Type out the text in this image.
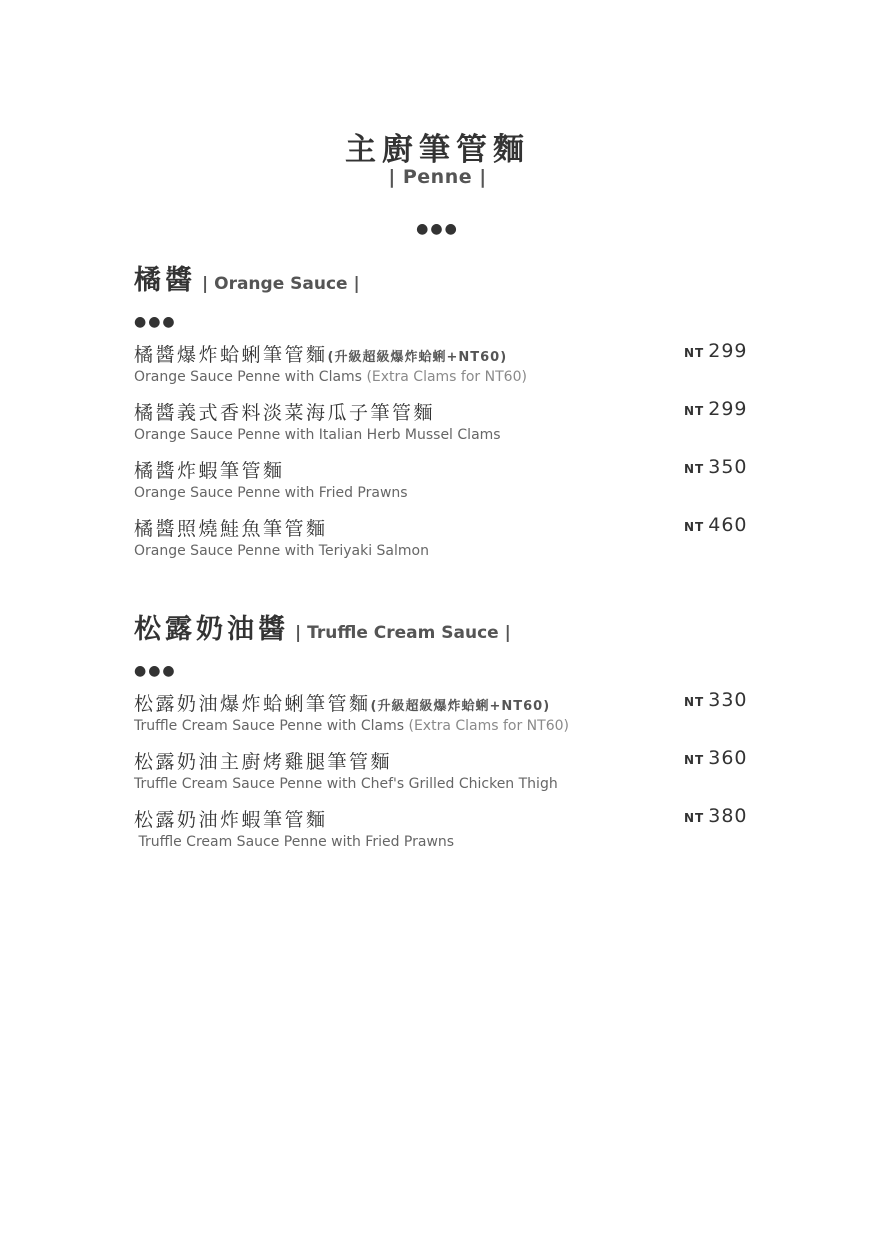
主廚筆管麵
| Penne |
●●●
橘醬 | Orange Sauce |
●●●
橘醬爆炸蛤蜊筆管麵(升級超級爆炸蛤蜊+NT60)
Orange Sauce Penne with Clams (Extra Clams for NT60)
NT 299
橘醬義式香料淡菜海瓜子筆管麵
Orange Sauce Penne with Italian Herb Mussel Clams
NT 299
橘醬炸蝦筆管麵
Orange Sauce Penne with Fried Prawns
NT 350
橘醬照燒鮭魚筆管麵
Orange Sauce Penne with Teriyaki Salmon
NT 460
松露奶油醬 | Truffle Cream Sauce |
●●●
松露奶油爆炸蛤蜊筆管麵(升級超級爆炸蛤蜊+NT60)
Truffle Cream Sauce Penne with Clams (Extra Clams for NT60)
NT 330
松露奶油主廚烤雞腿筆管麵
Truffle Cream Sauce Penne with Chef's Grilled Chicken Thigh
NT 360
松露奶油炸蝦筆管麵
Truffle Cream Sauce Penne with Fried Prawns
NT 380
